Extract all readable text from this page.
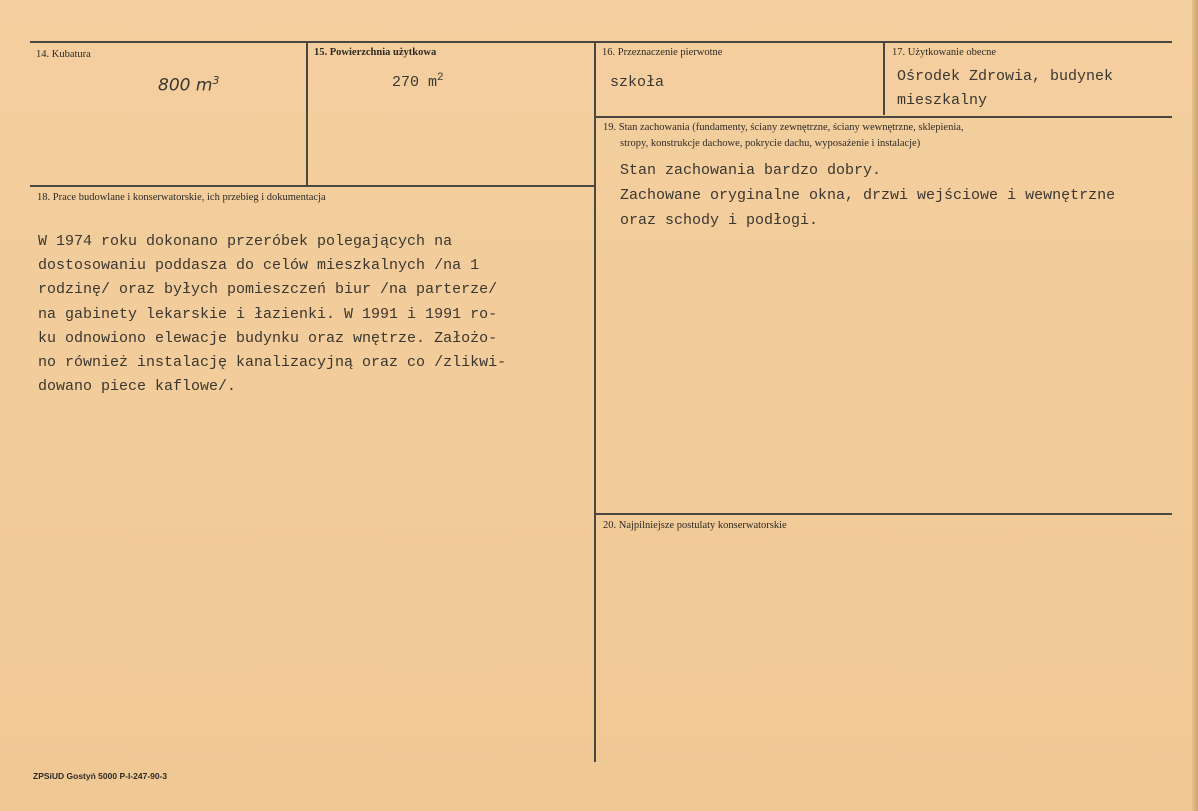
14. Kubatura
800 $m^3$
15. Powierzchnia użytkowa
270 $m^2$
16. Przeznaczenie pierwotne
szkoła
17. Użytkowanie obecne
Ośrodek Zdrowia, budynek
mieszkalny
19. Stan zachowania (fundamenty, ściany zewnętrzne, ściany wewnętrzne, sklepienia,
stropy, konstrukcje dachowe, pokrycie dachu, wyposażenie i instalacje)
Stan zachowania bardzo dobry.
Zachowane oryginalne okna, drzwi wejściowe i wewnętrzne
oraz schody i podłogi.
18. Prace budowlane i konserwatorskie, ich przebieg i dokumentacja
W 1974 roku dokonano przeróbek polegających na
dostosowaniu poddasza do celów mieszkalnych /na 1
rodzinę/ oraz byłych pomieszczeń biur /na parterze/
na gabinety lekarskie i łazienki. W 1991 i 1991 ro-
ku odnowiono elewacje budynku oraz wnętrze. Założo-
no również instalację kanalizacyjną oraz co /zlikwi-
dowano piece kaflowe/.
20. Najpilniejsze postulaty konserwatorskie
ZPSiUD Gostyń 5000 P-I-247-90-3
